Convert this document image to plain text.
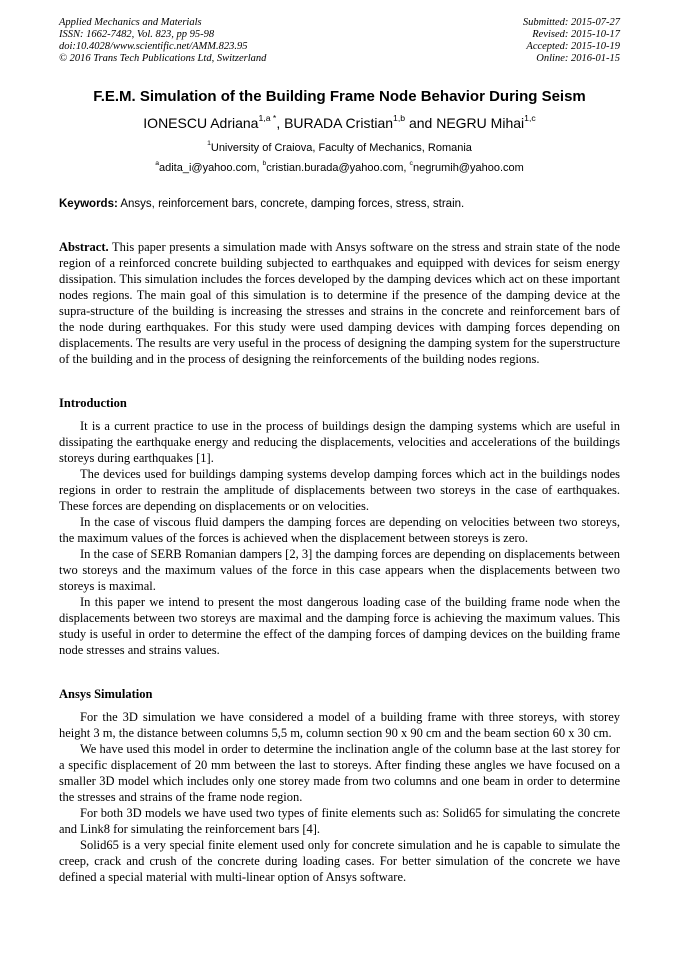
Applied Mechanics and Materials
ISSN: 1662-7482, Vol. 823, pp 95-98
doi:10.4028/www.scientific.net/AMM.823.95
© 2016 Trans Tech Publications Ltd, Switzerland
Submitted: 2015-07-27
Revised: 2015-10-17
Accepted: 2015-10-19
Online: 2016-01-15
F.E.M. Simulation of the Building Frame Node Behavior During Seism
IONESCU Adriana$^{1,a *}$, BURADA Cristian$^{1,b}$ and NEGRU Mihai$^{1,c}$
$^1$University of Craiova, Faculty of Mechanics, Romania
$^a$adita_i@yahoo.com, $^b$cristian.burada@yahoo.com, $^c$negrumih@yahoo.com
Keywords: Ansys, reinforcement bars, concrete, damping forces, stress, strain.
Abstract. This paper presents a simulation made with Ansys software on the stress and strain state of the node region of a reinforced concrete building subjected to earthquakes and equipped with devices for seism energy dissipation. This simulation includes the forces developed by the damping devices which act on these important nodes regions. The main goal of this simulation is to determine if the presence of the damping device at the supra-structure of the building is increasing the stresses and strains in the concrete and reinforcement bars of the node during earthquakes. For this study were used damping devices with damping forces depending on displacements. The results are very useful in the process of designing the damping system for the superstructure of the building and in the process of designing the reinforcements of the building nodes regions.
Introduction

It is a current practice to use in the process of buildings design the damping systems which are useful in dissipating the earthquake energy and reducing the displacements, velocities and accelerations of the buildings storeys during earthquakes [1].

The devices used for buildings damping systems develop damping forces which act in the buildings nodes regions in order to restrain the amplitude of displacements between two storeys in the case of earthquakes. These forces are depending on displacements or on velocities.

In the case of viscous fluid dampers the damping forces are depending on velocities between two storeys, the maximum values of the forces is achieved when the displacement between storeys is zero.

In the case of SERB Romanian dampers [2, 3] the damping forces are depending on displacements between two storeys and the maximum values of the force in this case appears when the displacements between two storeys is maximal.

In this paper we intend to present the most dangerous loading case of the building frame node when the displacements between two storeys are maximal and the damping force is achieving the maximum values. This study is useful in order to determine the effect of the damping forces of damping devices on the building frame node stresses and strains values.

Ansys Simulation

For the 3D simulation we have considered a model of a building frame with three storeys, with storey height 3 m, the distance between columns 5,5 m, column section 90 x 90 cm and the beam section 60 x 30 cm.

We have used this model in order to determine the inclination angle of the column base at the last storey for a specific displacement of 20 mm between the last to storeys. After finding these angles we have focused on a smaller 3D model which includes only one storey made from two columns and one beam in order to determine the stresses and strains of the frame node region.

For both 3D models we have used two types of finite elements such as: Solid65 for simulating the concrete and Link8 for simulating the reinforcement bars [4].

Solid65 is a very special finite element used only for concrete simulation and he is capable to simulate the creep, crack and crush of the concrete during loading cases. For better simulation of the concrete we have defined a special material with multi-linear option of Ansys software.
